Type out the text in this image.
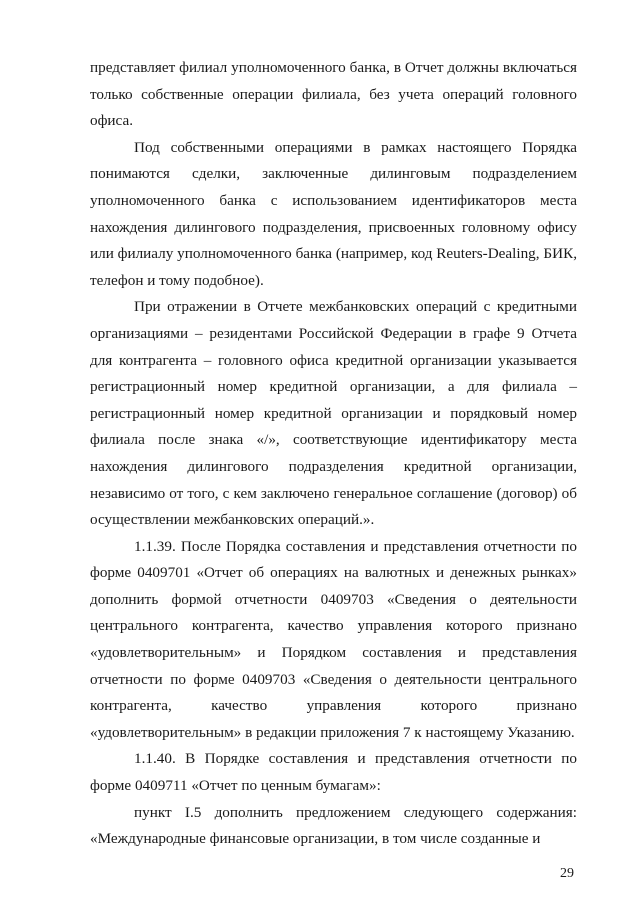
представляет филиал уполномоченного банка, в Отчет должны включаться только собственные операции филиала, без учета операций головного офиса.

Под собственными операциями в рамках настоящего Порядка понимаются сделки, заключенные дилинговым подразделением уполномоченного банка с использованием идентификаторов места нахождения дилингового подразделения, присвоенных головному офису или филиалу уполномоченного банка (например, код Reuters-Dealing, БИК, телефон и тому подобное).

При отражении в Отчете межбанковских операций с кредитными организациями – резидентами Российской Федерации в графе 9 Отчета для контрагента – головного офиса кредитной организации указывается регистрационный номер кредитной организации, а для филиала – регистрационный номер кредитной организации и порядковый номер филиала после знака «/», соответствующие идентификатору места нахождения дилингового подразделения кредитной организации, независимо от того, с кем заключено генеральное соглашение (договор) об осуществлении межбанковских операций.».

1.1.39. После Порядка составления и представления отчетности по форме 0409701 «Отчет об операциях на валютных и денежных рынках» дополнить формой отчетности 0409703 «Сведения о деятельности центрального контрагента, качество управления которого признано «удовлетворительным» и Порядком составления и представления отчетности по форме 0409703 «Сведения о деятельности центрального контрагента, качество управления которого признано «удовлетворительным» в редакции приложения 7 к настоящему Указанию.

1.1.40. В Порядке составления и представления отчетности по форме 0409711 «Отчет по ценным бумагам»:

пункт I.5 дополнить предложением следующего содержания: «Международные финансовые организации, в том числе созданные и

29
